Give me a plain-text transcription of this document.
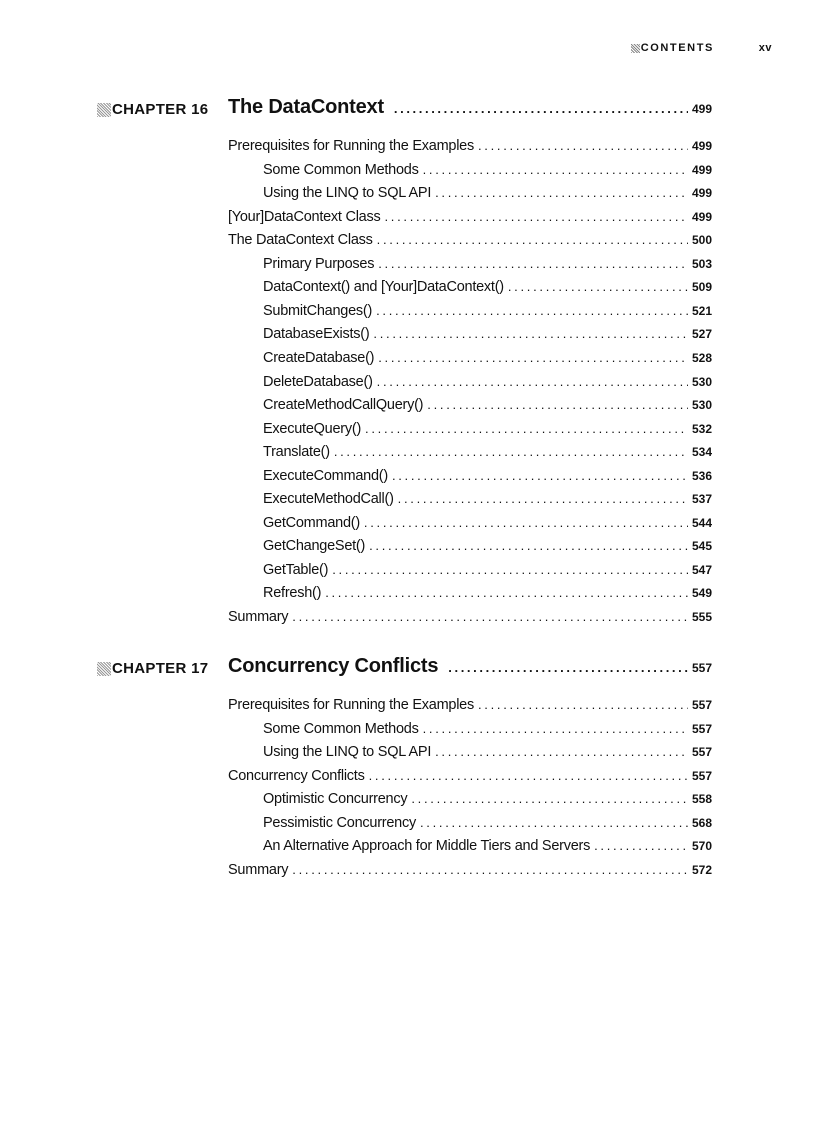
CONTENTS	xv
CHAPTER 16 The DataContext .....	499
Prerequisites for Running the Examples .....	499
Some Common Methods .....	499
Using the LINQ to SQL API .....	499
[Your]DataContext Class .....	499
The DataContext Class .....	500
Primary Purposes .....	503
DataContext() and [Your]DataContext() .....	509
SubmitChanges() .....	521
DatabaseExists() .....	527
CreateDatabase() .....	528
DeleteDatabase() .....	530
CreateMethodCallQuery() .....	530
ExecuteQuery() .....	532
Translate() .....	534
ExecuteCommand() .....	536
ExecuteMethodCall() .....	537
GetCommand() .....	544
GetChangeSet() .....	545
GetTable() .....	547
Refresh() .....	549
Summary .....	555
CHAPTER 17 Concurrency Conflicts .....	557
Prerequisites for Running the Examples .....	557
Some Common Methods .....	557
Using the LINQ to SQL API .....	557
Concurrency Conflicts .....	557
Optimistic Concurrency .....	558
Pessimistic Concurrency .....	568
An Alternative Approach for Middle Tiers and Servers .....	570
Summary .....	572
